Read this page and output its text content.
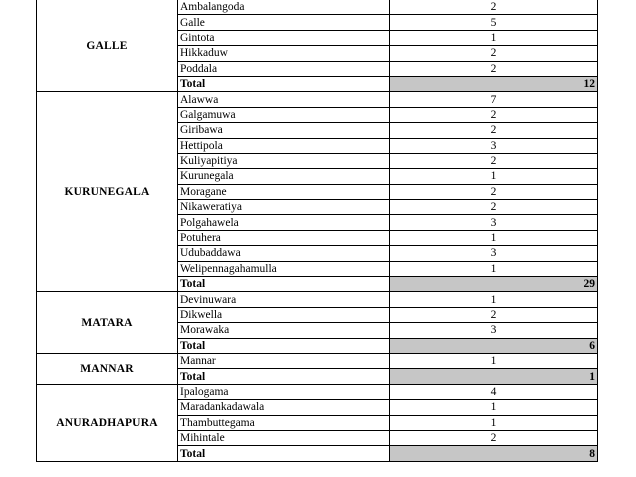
GALLE	Ambalangoda	2
	Galle	5
	Gintota	1
	Hikkaduw	2
	Poddala	2
	Total	12
KURUNEGALA	Alawwa	7
	Galgamuwa	2
	Giribawa	2
	Hettipola	3
	Kuliyapitiya	2
	Kurunegala	1
	Moragane	2
	Nikaweratiya	2
	Polgahawela	3
	Potuhera	1
	Udubaddawa	3
	Welipennagahamulla	1
	Total	29
MATARA	Devinuwara	1
	Dikwella	2
	Morawaka	3
	Total	6
MANNAR	Mannar	1
	Total	1
ANURADHAPURA	Ipalogama	4
	Maradankadawala	1
	Thambuttegama	1
	Mihintale	2
	Total	8
